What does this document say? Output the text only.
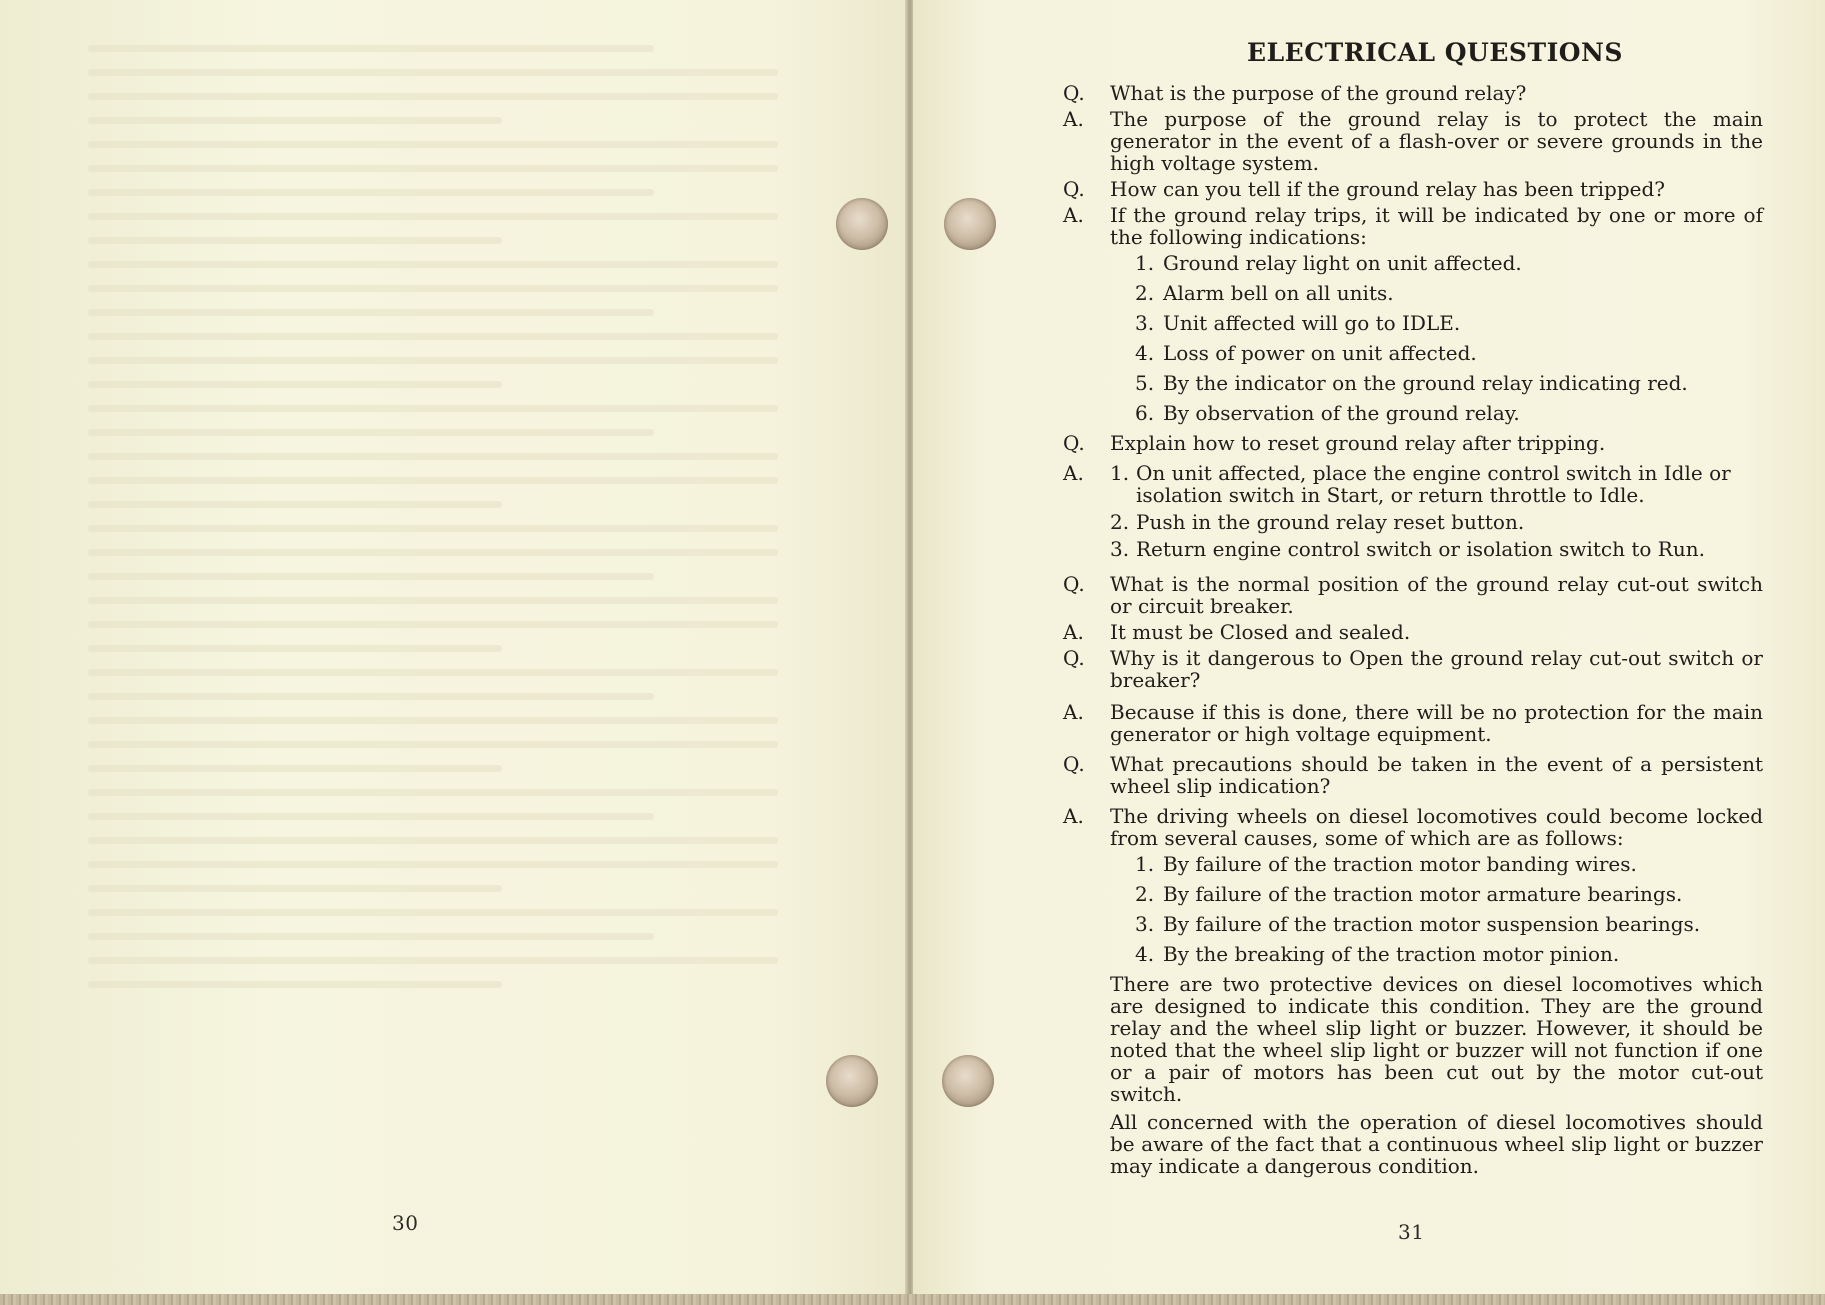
30
ELECTRICAL QUESTIONS
Q.	What is the purpose of the ground relay?
A.	The purpose of the ground relay is to protect the main generator in the event of a flash-over or severe grounds in the high voltage system.
Q.	How can you tell if the ground relay has been tripped?
A.	If the ground relay trips, it will be indicated by one or more of the following indications:
1. Ground relay light on unit affected.
2. Alarm bell on all units.
3. Unit affected will go to IDLE.
4. Loss of power on unit affected.
5. By the indicator on the ground relay indicating red.
6. By observation of the ground relay.
Q.	Explain how to reset ground relay after tripping.
A.	1. On unit affected, place the engine control switch in Idle or isolation switch in Start, or return throttle to Idle.
2. Push in the ground relay reset button.
3. Return engine control switch or isolation switch to Run.
Q.	What is the normal position of the ground relay cut-out switch or circuit breaker.
A.	It must be Closed and sealed.
Q.	Why is it dangerous to Open the ground relay cut-out switch or breaker?
A.	Because if this is done, there will be no protection for the main generator or high voltage equipment.
Q.	What precautions should be taken in the event of a persistent wheel slip indication?
A.	The driving wheels on diesel locomotives could become locked from several causes, some of which are as follows:
1. By failure of the traction motor banding wires.
2. By failure of the traction motor armature bearings.
3. By failure of the traction motor suspension bearings.
4. By the breaking of the traction motor pinion.
There are two protective devices on diesel locomotives which are designed to indicate this condition. They are the ground relay and the wheel slip light or buzzer. However, it should be noted that the wheel slip light or buzzer will not function if one or a pair of motors has been cut out by the motor cut-out switch.
All concerned with the operation of diesel locomotives should be aware of the fact that a continuous wheel slip light or buzzer may indicate a dangerous condition.
31
